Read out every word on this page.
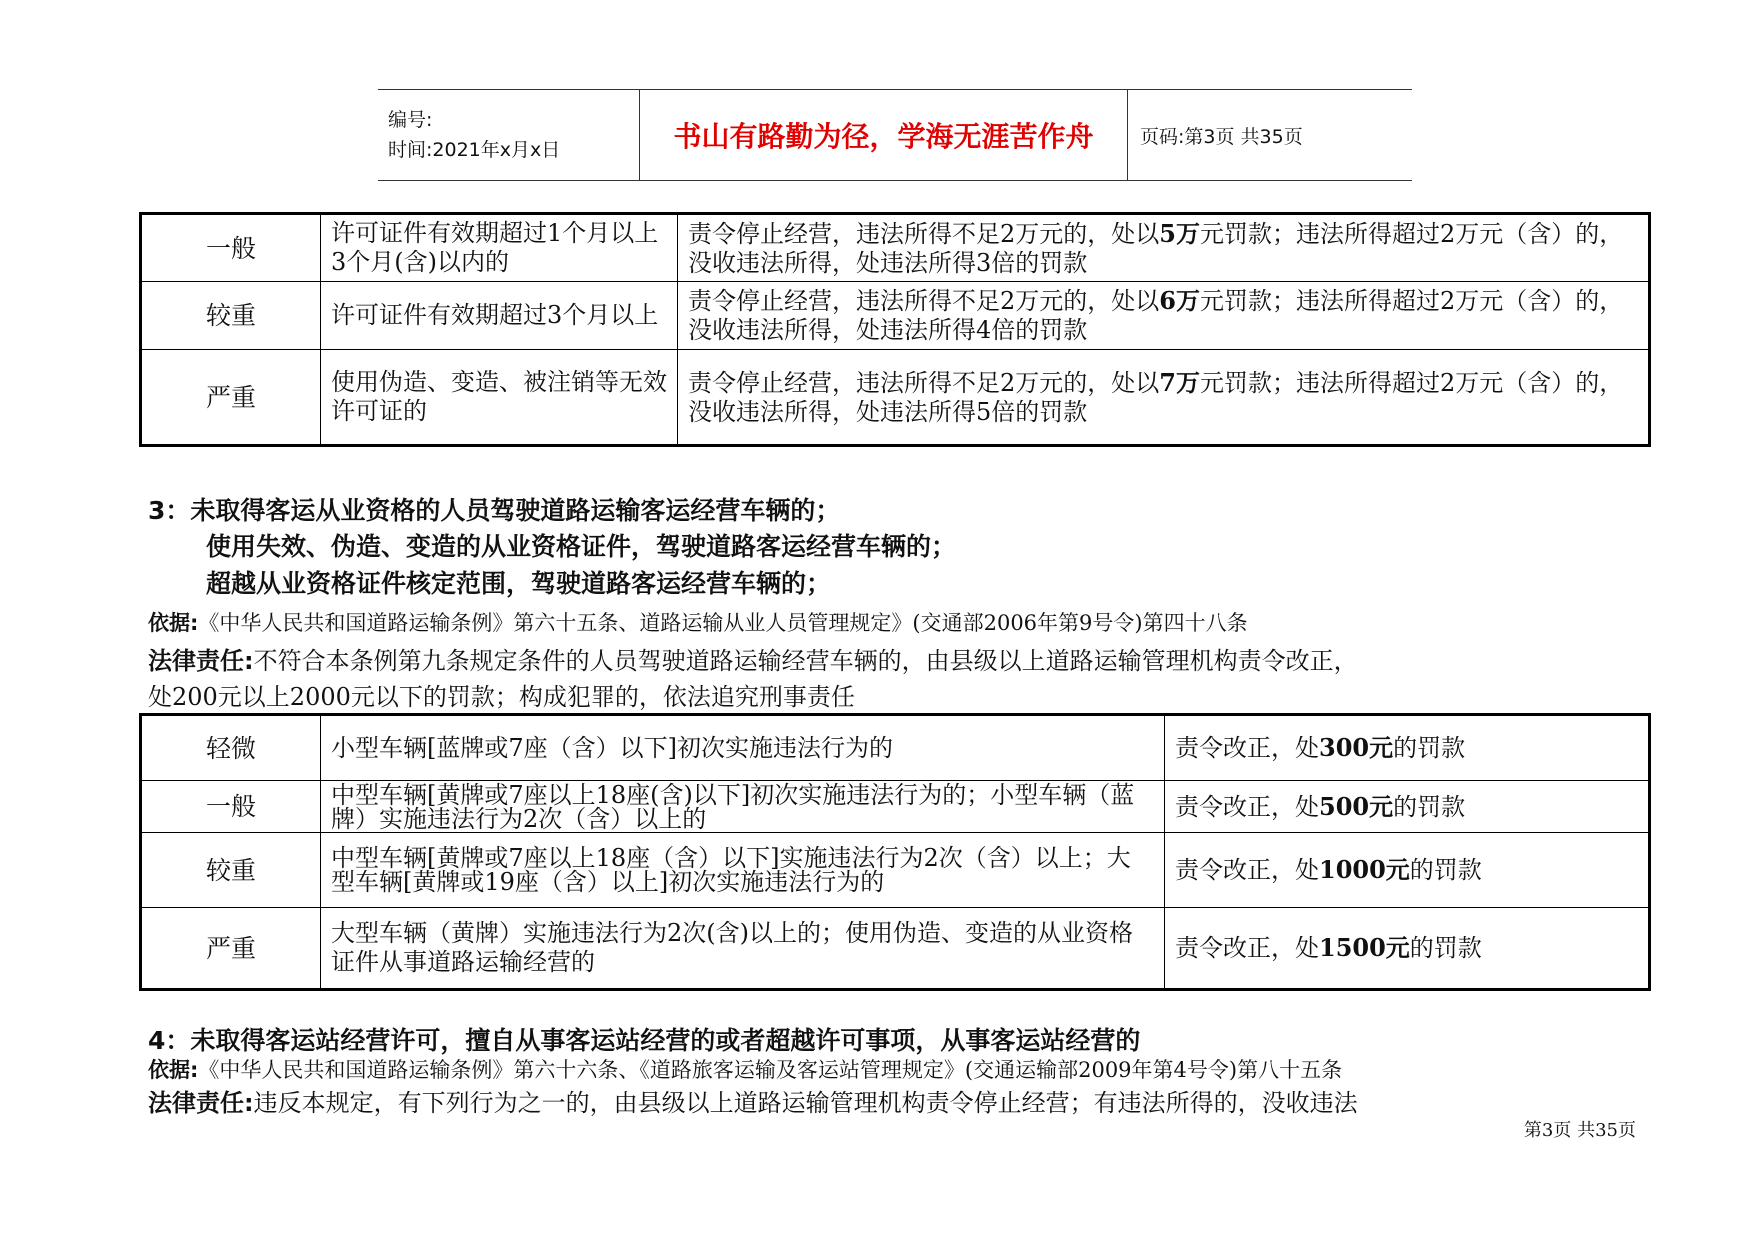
编号:
时间:2021年x月x日	书山有路勤为径，学海无涯苦作舟 页码:第3页 共35页
一般	许可证件有效期超过1个月以上3个月(含)以内的	责令停止经营，违法所得不足2万元的，处以5万元罚款；违法所得超过2万元（含）的，没收违法所得，处违法所得3倍的罚款
较重	许可证件有效期超过3个月以上	责令停止经营，违法所得不足2万元的，处以6万元罚款；违法所得超过2万元（含）的，没收违法所得，处违法所得4倍的罚款
严重	使用伪造、变造、被注销等无效许可证的	责令停止经营，违法所得不足2万元的，处以7万元罚款；违法所得超过2万元（含）的，没收违法所得，处违法所得5倍的罚款
3：未取得客运从业资格的人员驾驶道路运输客运经营车辆的；
使用失效、伪造、变造的从业资格证件，驾驶道路客运经营车辆的；
超越从业资格证件核定范围，驾驶道路客运经营车辆的；
依据:《中华人民共和国道路运输条例》第六十五条、道路运输从业人员管理规定》(交通部2006年第9号令)第四十八条
法律责任:不符合本条例第九条规定条件的人员驾驶道路运输经营车辆的，由县级以上道路运输管理机构责令改正，
处200元以上2000元以下的罚款；构成犯罪的，依法追究刑事责任
轻微	小型车辆[蓝牌或7座（含）以下]初次实施违法行为的	责令改正，处300元的罚款
一般	中型车辆[黄牌或7座以上18座(含)以下]初次实施违法行为的；小型车辆（蓝牌）实施违法行为2次（含）以上的	责令改正，处500元的罚款
较重	中型车辆[黄牌或7座以上18座（含）以下]实施违法行为2次（含）以上；大型车辆[黄牌或19座（含）以上]初次实施违法行为的	责令改正，处1000元的罚款
严重	大型车辆（黄牌）实施违法行为2次(含)以上的；使用伪造、变造的从业资格证件从事道路运输经营的	责令改正，处1500元的罚款
4：未取得客运站经营许可，擅自从事客运站经营的或者超越许可事项，从事客运站经营的
依据:《中华人民共和国道路运输条例》第六十六条、《道路旅客运输及客运站管理规定》(交通运输部2009年第4号令)第八十五条
法律责任:违反本规定，有下列行为之一的，由县级以上道路运输管理机构责令停止经营；有违法所得的，没收违法
第3页 共35页
